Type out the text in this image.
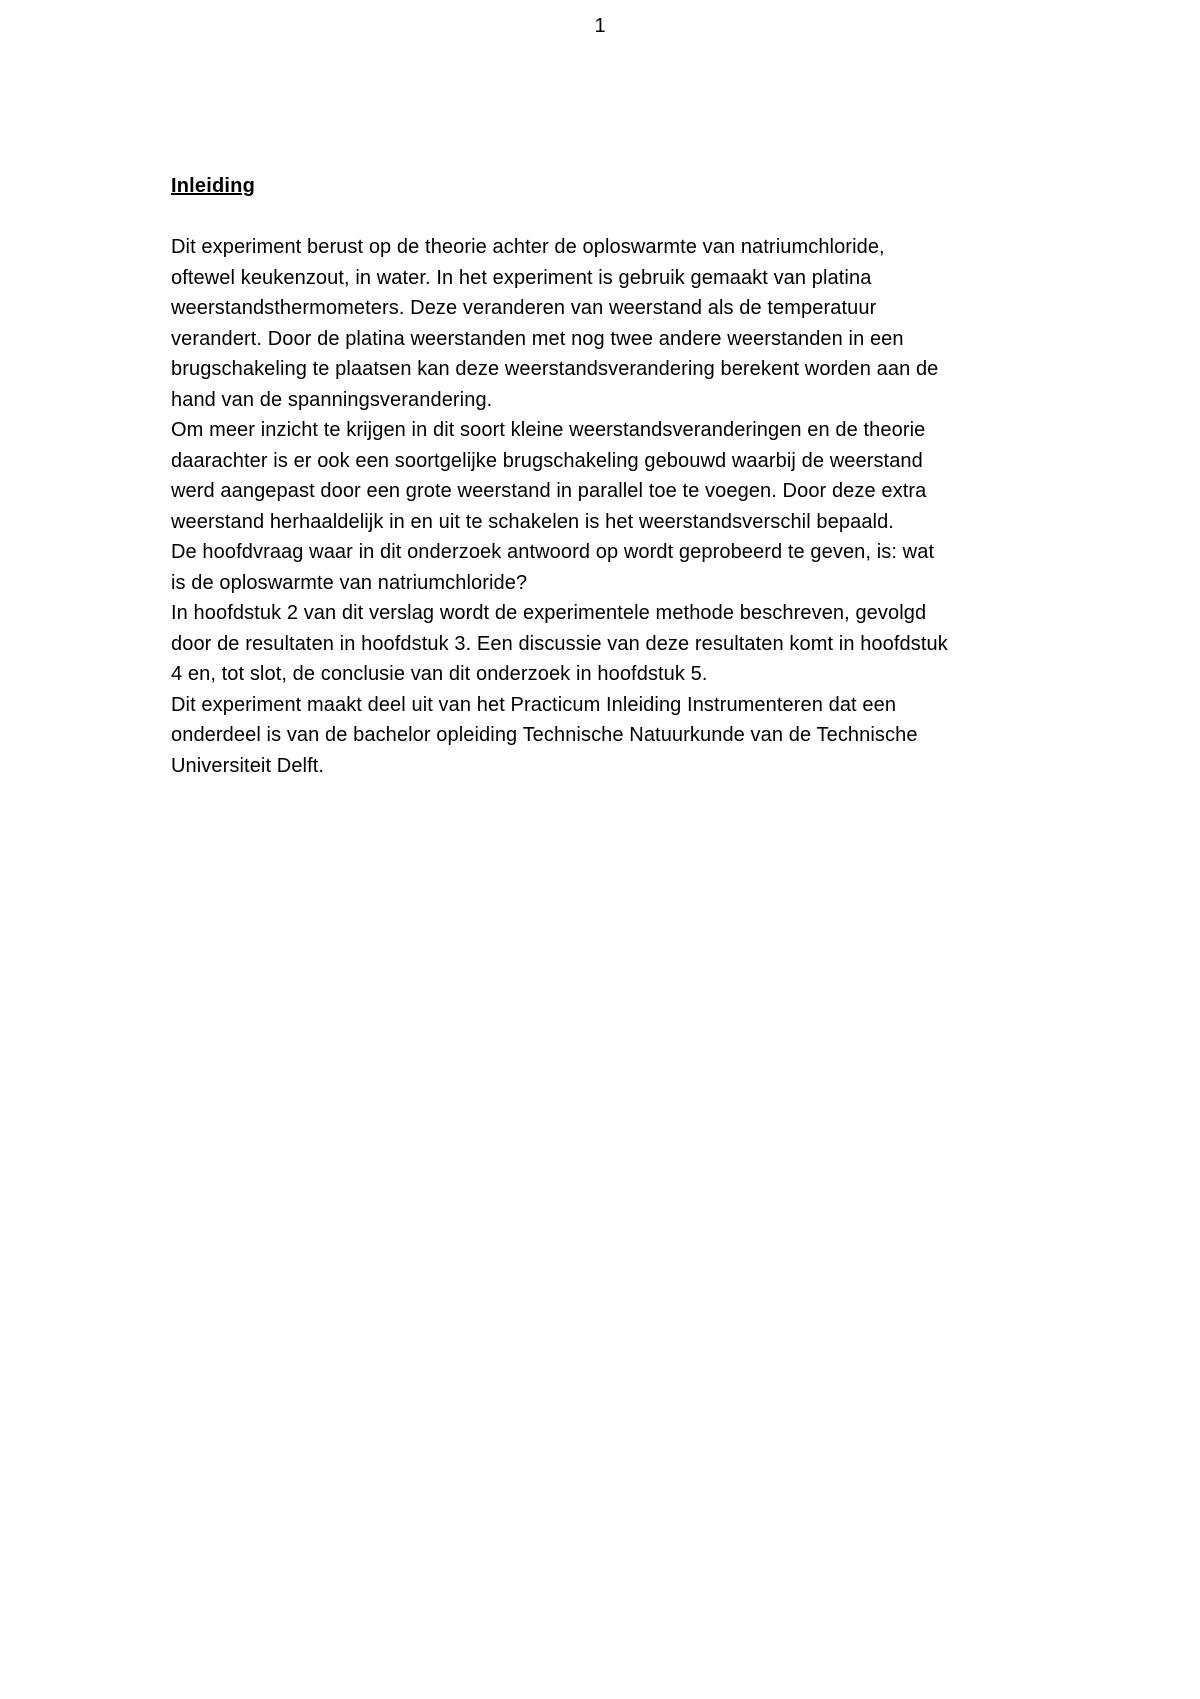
1
Inleiding
Dit experiment berust op de theorie achter de oploswarmte van natriumchloride,
oftewel keukenzout, in water. In het experiment is gebruik gemaakt van platina
weerstandsthermometers. Deze veranderen van weerstand als de temperatuur
verandert. Door de platina weerstanden met nog twee andere weerstanden in een
brugschakeling te plaatsen kan deze weerstandsverandering berekent worden aan de
hand van de spanningsverandering.
Om meer inzicht te krijgen in dit soort kleine weerstandsveranderingen en de theorie
daarachter is er ook een soortgelijke brugschakeling gebouwd waarbij de weerstand
werd aangepast door een grote weerstand in parallel toe te voegen. Door deze extra
weerstand herhaaldelijk in en uit te schakelen is het weerstandsverschil bepaald.
De hoofdvraag waar in dit onderzoek antwoord op wordt geprobeerd te geven, is: wat
is de oploswarmte van natriumchloride?
In hoofdstuk 2 van dit verslag wordt de experimentele methode beschreven, gevolgd
door de resultaten in hoofdstuk 3. Een discussie van deze resultaten komt in hoofdstuk
4 en, tot slot, de conclusie van dit onderzoek in hoofdstuk 5.
Dit experiment maakt deel uit van het Practicum Inleiding Instrumenteren dat een
onderdeel is van de bachelor opleiding Technische Natuurkunde van de Technische
Universiteit Delft.
